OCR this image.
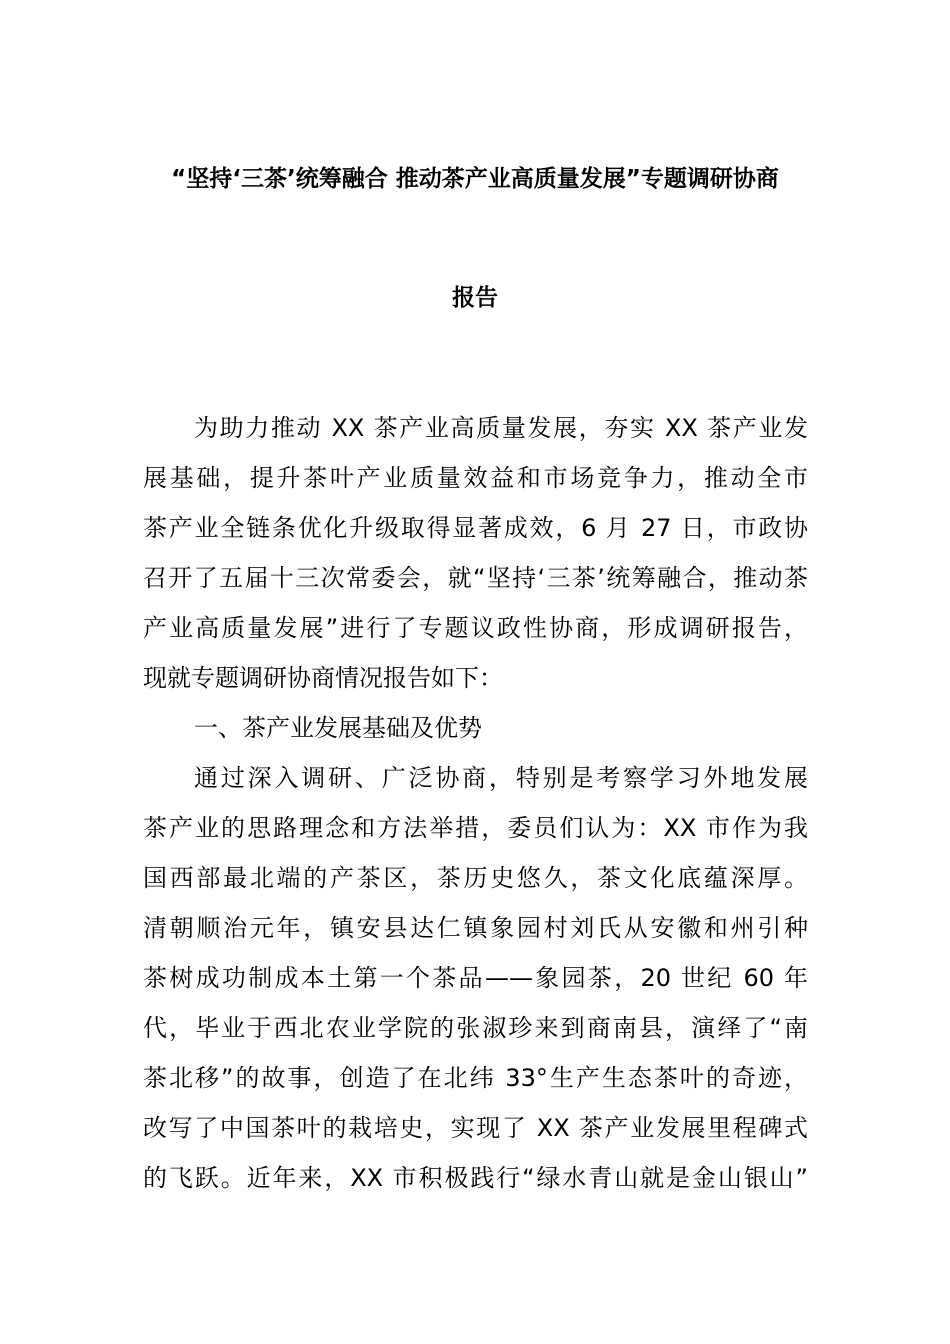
“坚持‘三茶’统筹融合 推动茶产业高质量发展”专题调研协商
报告
为助力推动 XX 茶产业高质量发展，夯实 XX 茶产业发
展基础，提升茶叶产业质量效益和市场竞争力，推动全市
茶产业全链条优化升级取得显著成效，6 月 27 日，市政协
召开了五届十三次常委会，就“坚持‘三茶’统筹融合，推动茶
产业高质量发展”进行了专题议政性协商，形成调研报告，
现就专题调研协商情况报告如下：
一、茶产业发展基础及优势
通过深入调研、广泛协商，特别是考察学习外地发展
茶产业的思路理念和方法举措，委员们认为：XX 市作为我
国西部最北端的产茶区，茶历史悠久，茶文化底蕴深厚。
清朝顺治元年，镇安县达仁镇象园村刘氏从安徽和州引种
茶树成功制成本土第一个茶品——象园茶，20 世纪 60 年
代，毕业于西北农业学院的张淑珍来到商南县，演绎了“南
茶北移”的故事，创造了在北纬 33°生产生态茶叶的奇迹，
改写了中国茶叶的栽培史，实现了 XX 茶产业发展里程碑式
的飞跃。近年来，XX 市积极践行“绿水青山就是金山银山”
